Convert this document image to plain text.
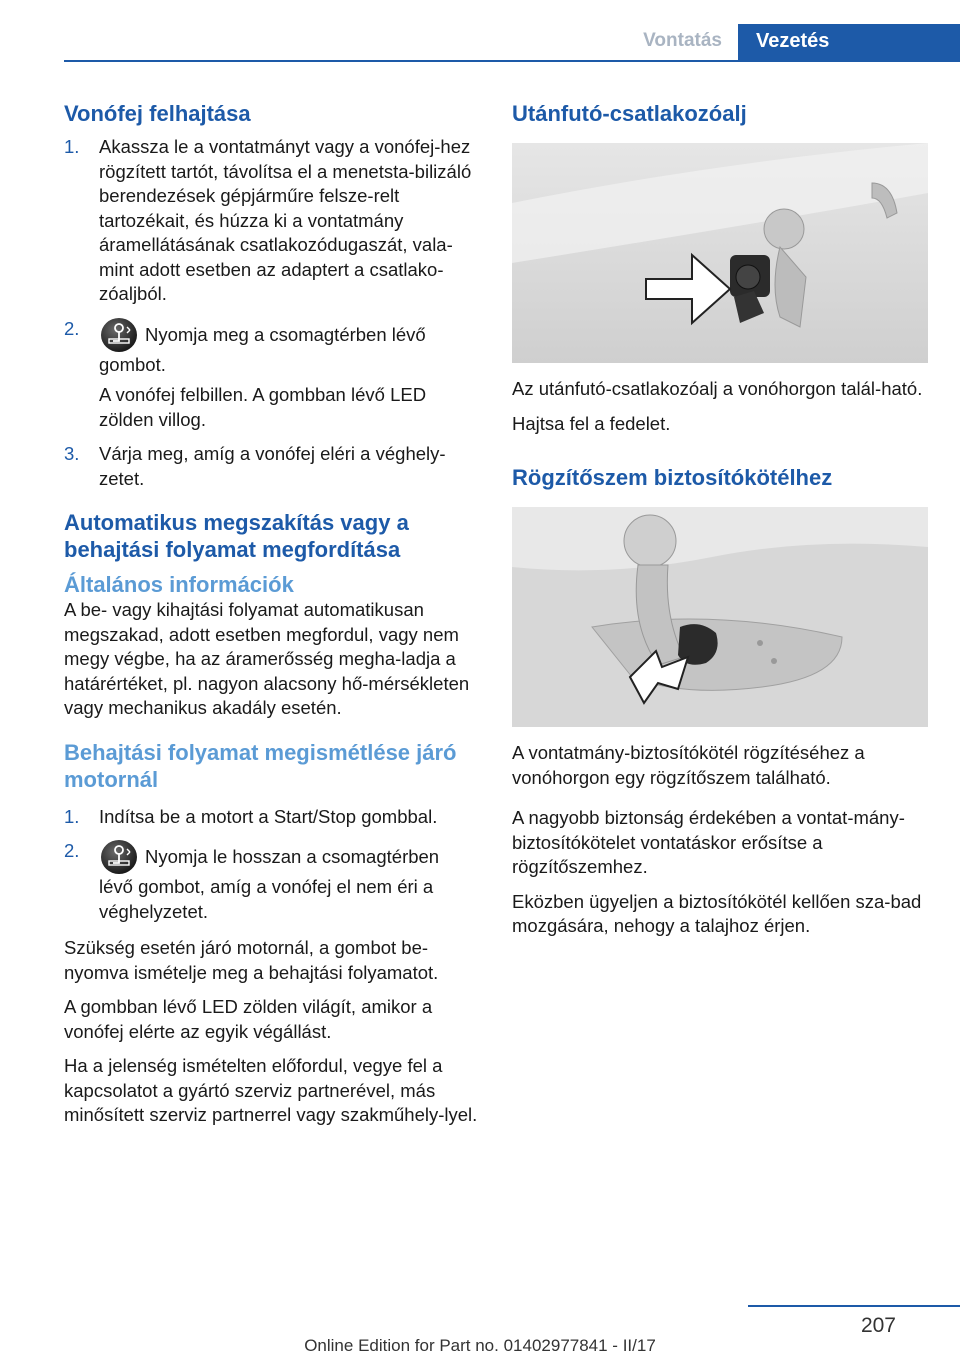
Vontatás	Vezetés
Vonófej felhajtása
1. Akassza le a vontatmányt vagy a vonófej-hez rögzített tartót, távolítsa el a menetsta-bilizáló berendezések gépjárműre felsze-relt tartozékait, és húzza ki a vontatmány áramellátásának csatlakozódugaszát, vala-mint adott esetben az adaptert a csatlako-zóaljból.
2.	Nyomja meg a csomagtérben lévő gombot.

A vonófej felbillen. A gombban lévő LED zölden villog.

3. Várja meg, amíg a vonófej eléri a véghely-zetet.
Automatikus megszakítás vagy a behajtási folyamat megfordítása
Általános információk

A be- vagy kihajtási folyamat automatikusan megszakad, adott esetben megfordul, vagy nem megy végbe, ha az áramerősség megha-ladja a határértéket, pl. nagyon alacsony hő-mérsékleten vagy mechanikus akadály esetén.

Behajtási folyamat megismétlése járó motornál
1. Indítsa be a motort a Start/Stop gombbal.
2.	Nyomja le hosszan a csomagtérben lévő gombot, amíg a vonófej el nem éri a véghelyzetet.

Szükség esetén járó motornál, a gombot be-nyomva ismételje meg a behajtási folyamatot.

A gombban lévő LED zölden világít, amikor a vonófej elérte az egyik végállást.

Ha a jelenség ismételten előfordul, vegye fel a kapcsolatot a gyártó szerviz partnerével, más minősített szerviz partnerrel vagy szakműhely-lyel.

Utánfutó-csatlakozóalj

Az utánfutó-csatlakozóalj a vonóhorgon talál-ható.

Hajtsa fel a fedelet.

Rögzítőszem biztosítókötélhez

A vontatmány-biztosítókötél rögzítéséhez a vonóhorgon egy rögzítőszem található.

A nagyobb biztonság érdekében a vontat-mány-biztosítókötelet vontatáskor erősítse a rögzítőszemhez.

Eközben ügyeljen a biztosítókötél kellően sza-bad mozgására, nehogy a talajhoz érjen.

207
Online Edition for Part no. 01402977841 - II/17
